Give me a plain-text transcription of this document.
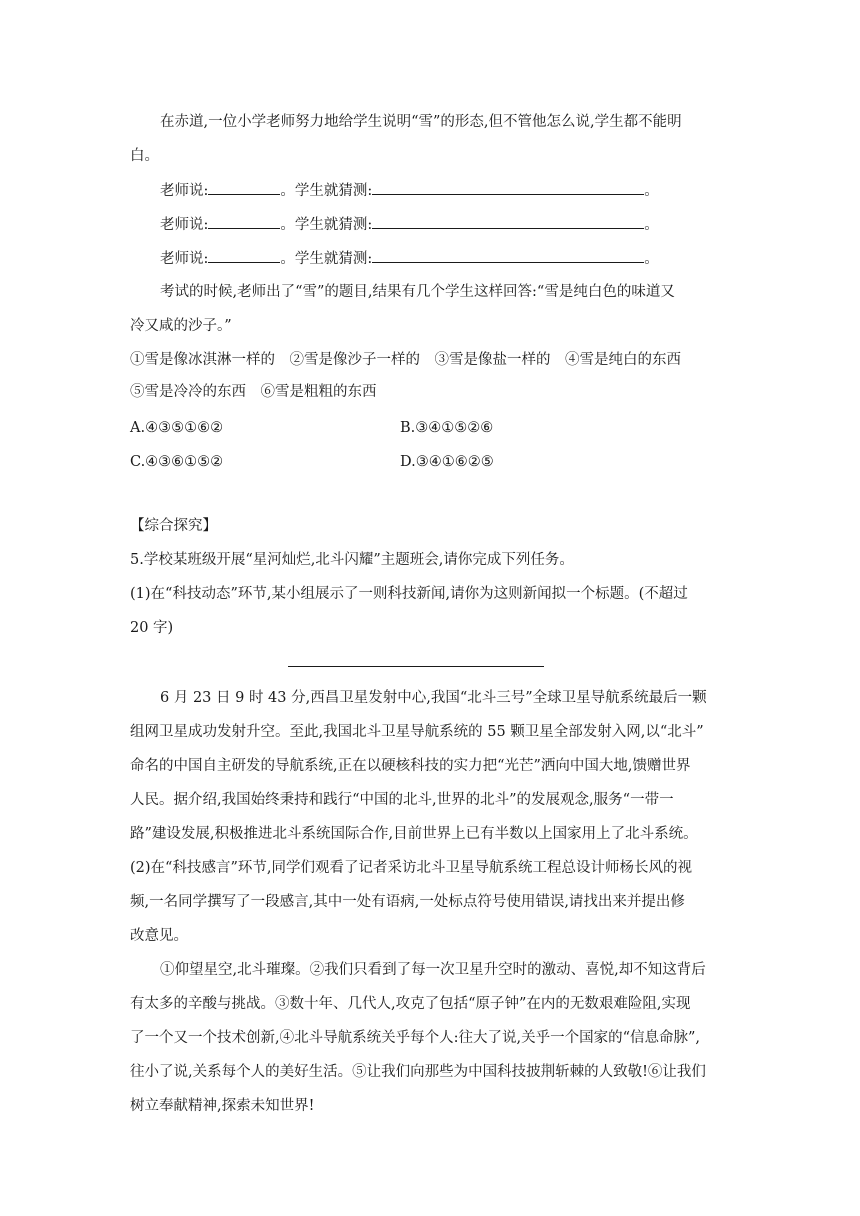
在赤道,一位小学老师努力地给学生说明“雪”的形态,但不管他怎么说,学生都不能明
白。
老师说:	。学生就猜测:	。
老师说:	。学生就猜测:	。
老师说:	。学生就猜测:	。
考试的时候,老师出了“雪”的题目,结果有几个学生这样回答:“雪是纯白色的味道又
冷又咸的沙子。”
①雪是像冰淇淋一样的　②雪是像沙子一样的　③雪是像盐一样的　④雪是纯白的东西
⑤雪是冷冷的东西　⑥雪是粗粗的东西
A.④③⑤①⑥②	B.③④①⑤②⑥
C.④③⑥①⑤②	D.③④①⑥②⑤
【综合探究】
5.学校某班级开展“星河灿烂,北斗闪耀”主题班会,请你完成下列任务。
(1)在“科技动态”环节,某小组展示了一则科技新闻,请你为这则新闻拟一个标题。(不超过
20 字)
6 月 23 日 9 时 43 分,西昌卫星发射中心,我国“北斗三号”全球卫星导航系统最后一颗
组网卫星成功发射升空。至此,我国北斗卫星导航系统的 55 颗卫星全部发射入网,以“北斗”
命名的中国自主研发的导航系统,正在以硬核科技的实力把“光芒”洒向中国大地,馈赠世界
人民。据介绍,我国始终秉持和践行“中国的北斗,世界的北斗”的发展观念,服务“一带一
路”建设发展,积极推进北斗系统国际合作,目前世界上已有半数以上国家用上了北斗系统。
(2)在“科技感言”环节,同学们观看了记者采访北斗卫星导航系统工程总设计师杨长风的视
频,一名同学撰写了一段感言,其中一处有语病,一处标点符号使用错误,请找出来并提出修
改意见。
①仰望星空,北斗璀璨。②我们只看到了每一次卫星升空时的激动、喜悦,却不知这背后
有太多的辛酸与挑战。③数十年、几代人,攻克了包括“原子钟”在内的无数艰难险阻,实现
了一个又一个技术创新,④北斗导航系统关乎每个人:往大了说,关乎一个国家的“信息命脉”,
往小了说,关系每个人的美好生活。⑤让我们向那些为中国科技披荆斩棘的人致敬!⑥让我们
树立奉献精神,探索未知世界!
